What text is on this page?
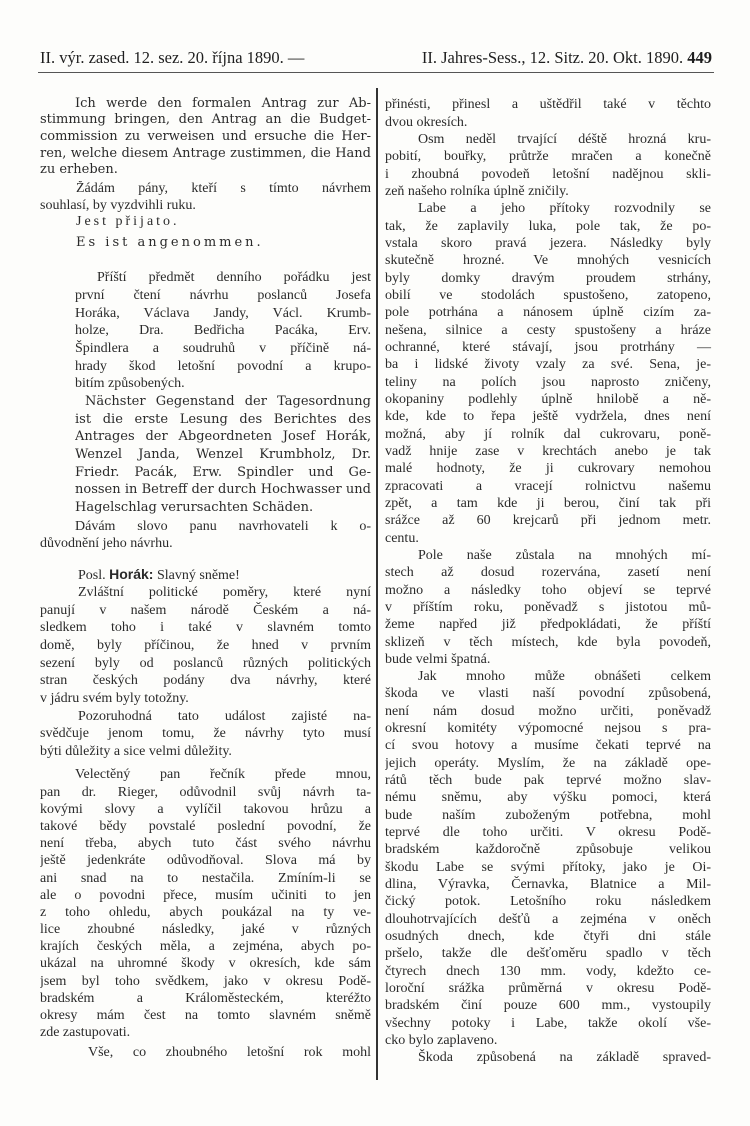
II. výr. zased. 12. sez. 20. října 1890. —	II. Jahres-Sess., 12. Sitz. 20. Okt. 1890. 449
Ich werde den formalen Antrag zur Ab-
stimmung bringen, den Antrag an die Budget-
commission zu verweisen und ersuche die Her-
ren, welche diesem Antrage zustimmen, die Hand
zu erheben.
Žádám pány, kteří s tímto návrhem
souhlasí, by vyzdvihli ruku.
Jest přijato.
Es ist angenommen.
Příští předmět denního pořádku jest
první čtení návrhu poslanců Josefa
Horáka, Václava Jandy, Václ. Krumb-
holze, Dra. Bedřicha Pacáka, Erv.
Špindlera a soudruhů v příčině ná-
hrady škod letošní povodní a krupo-
bitím způsobených.
Nächster Gegenstand der Tagesordnung
ist die erste Lesung des Berichtes des
Antrages der Abgeordneten Josef Horák,
Wenzel Janda, Wenzel Krumbholz, Dr.
Friedr. Pacák, Erw. Spindler und Ge-
nossen in Betreff der durch Hochwasser und
Hagelschlag verursachten Schäden.
Dávám slovo panu navrhovateli k o-
důvodnění jeho návrhu.
Posl. Horák: Slavný sněme!
Zvláštní politické poměry, které nyní
panují v našem národě Českém a ná-
sledkem toho i také v slavném tomto
domě, byly příčinou, že hned v prvním
sezení byly od poslanců různých politických
stran českých podány dva návrhy, které
v jádru svém byly totožny.
Pozoruhodná tato událost zajisté na-
svědčuje jenom tomu, že návrhy tyto musí
býti důležity a sice velmi důležity.
Velectěný pan řečník přede mnou,
pan dr. Rieger, odůvodnil svůj návrh ta-
kovými slovy a vylíčil takovou hrůzu a
takové bědy povstalé poslední povodní, že
není třeba, abych tuto část svého návrhu
ještě jedenkráte odůvodňoval. Slova má by
ani snad na to nestačila. Zmíním-li se
ale o povodni přece, musím učiniti to jen
z toho ohledu, abych poukázal na ty ve-
lice zhoubné následky, jaké v různých
krajích českých měla, a zejména, abych po-
ukázal na uhromné škody v okresích, kde sám
jsem byl toho svědkem, jako v okresu Podě-
bradském a Králoměsteckém, kteréžto
okresy mám čest na tomto slavném sněmě
zde zastupovati.
Vše, co zhoubného letošní rok mohl
přinésti, přinesl a uštědřil také v těchto
dvou okresích.
Osm neděl trvající déště hrozná kru-
pobití, bouřky, průtrže mračen a konečně
i zhoubná povodeň letošní nadějnou skli-
zeň našeho rolníka úplně zničily.
Labe a jeho přítoky rozvodnily se
tak, že zaplavily luka, pole tak, že po-
vstala skoro pravá jezera. Následky byly
skutečně hrozné. Ve mnohých vesnicích
byly domky dravým proudem strhány,
obilí ve stodolách spustošeno, zatopeno,
pole potrhána a nánosem úplně cizím za-
nešena, silnice a cesty spustošeny a hráze
ochranné, které stávají, jsou protrhány —
ba i lidské životy vzaly za své. Sena, je-
teliny na polích jsou naprosto zničeny,
okopaniny podlehly úplně hnilobě a ně-
kde, kde to řepa ještě vydržela, dnes není
možná, aby jí rolník dal cukrovaru, poně-
vadž hnije zase v krechtách anebo je tak
malé hodnoty, že ji cukrovary nemohou
zpracovati a vracejí rolnictvu našemu
zpět, a tam kde ji berou, činí tak při
srážce až 60 krejcarů při jednom metr.
centu.
Pole naše zůstala na mnohých mí-
stech až dosud rozervána, zasetí není
možno a následky toho objeví se teprvé
v příštím roku, poněvadž s jistotou mů-
žeme napřed již předpokládati, že příští
sklizeň v těch místech, kde byla povodeň,
bude velmi špatná.
Jak mnoho může obnášeti celkem
škoda ve vlasti naší povodní způsobená,
není nám dosud možno určiti, poněvadž
okresní komitéty výpomocné nejsou s pra-
cí svou hotovy a musíme čekati teprvé na
jejich operáty. Myslím, že na základě ope-
rátů těch bude pak teprvé možno slav-
nému sněmu, aby výšku pomoci, která
bude naším zuboženým potřebna, mohl
teprvé dle toho určiti. V okresu Podě-
bradském každoročně způsobuje velikou
škodu Labe se svými přítoky, jako je Oi-
dlina, Výravka, Černavka, Blatnice a Mil-
čický potok. Letošního roku následkem
dlouhotrvajících dešťů a zejména v oněch
osudných dnech, kde čtyři dni stále
pršelo, takže dle dešťoměru spadlo v těch
čtyrech dnech 130 mm. vody, kdežto ce-
loroční srážka průměrná v okresu Podě-
bradském činí pouze 600 mm., vystoupily
všechny potoky i Labe, takže okolí vše-
cko bylo zaplaveno.
Škoda způsobená na základě spraved-
